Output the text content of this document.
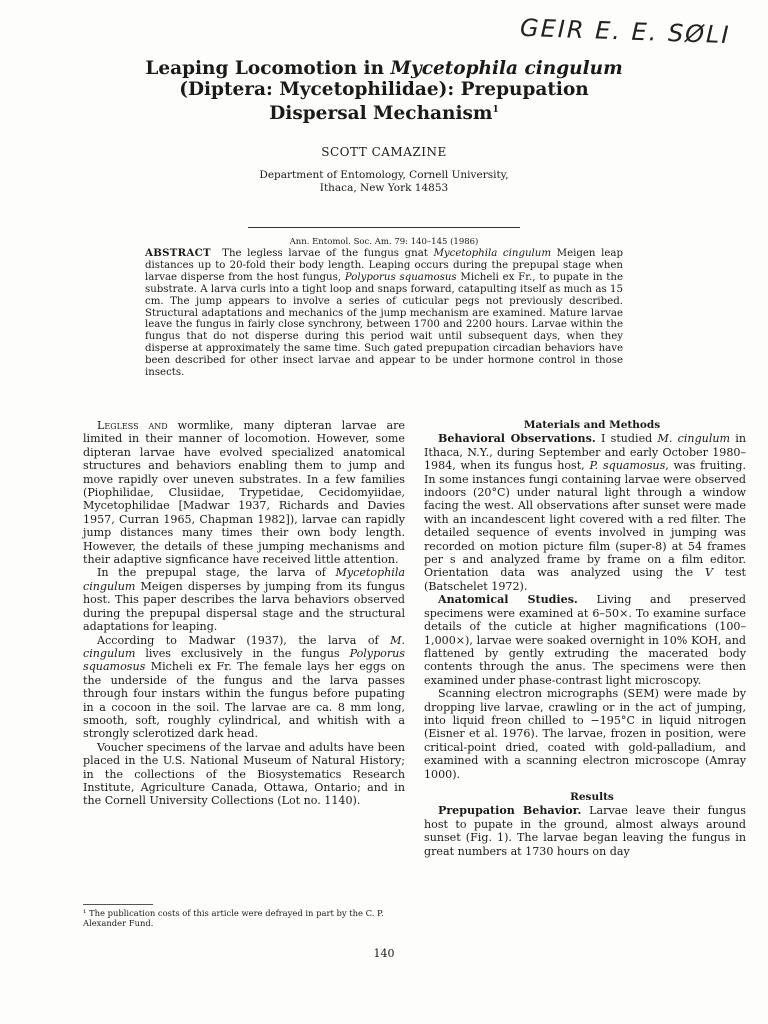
GEIR E. E. SØLI
Leaping Locomotion in Mycetophila cingulum
(Diptera: Mycetophilidae): Prepupation
Dispersal Mechanism$^1$
SCOTT CAMAZINE
Department of Entomology, Cornell University,
Ithaca, New York 14853
Ann. Entomol. Soc. Am. 79: 140–145 (1986)
ABSTRACT The legless larvae of the fungus gnat Mycetophila cingulum Meigen leap distances up to 20-fold their body length. Leaping occurs during the prepupal stage when larvae disperse from the host fungus, Polyporus squamosus Micheli ex Fr., to pupate in the substrate. A larva curls into a tight loop and snaps forward, catapulting itself as much as 15 cm. The jump appears to involve a series of cuticular pegs not previously described. Structural adaptations and mechanics of the jump mechanism are examined. Mature larvae leave the fungus in fairly close synchrony, between 1700 and 2200 hours. Larvae within the fungus that do not disperse during this period wait until subsequent days, when they disperse at approximately the same time. Such gated prepupation circadian behaviors have been described for other insect larvae and appear to be under hormone control in those insects.

Legless and wormlike, many dipteran larvae are limited in their manner of locomotion. However, some dipteran larvae have evolved specialized anatomical structures and behaviors enabling them to jump and move rapidly over uneven substrates. In a few families (Piophilidae, Clusiidae, Trypetidae, Cecidomyiidae, Mycetophilidae [Madwar 1937, Richards and Davies 1957, Curran 1965, Chapman 1982]), larvae can rapidly jump distances many times their own body length. However, the details of these jumping mechanisms and their adaptive signficance have received little attention.

In the prepupal stage, the larva of Mycetophila cingulum Meigen disperses by jumping from its fungus host. This paper describes the larva behaviors observed during the prepupal dispersal stage and the structural adaptations for leaping.

According to Madwar (1937), the larva of M. cingulum lives exclusively in the fungus Polyporus squamosus Micheli ex Fr. The female lays her eggs on the underside of the fungus and the larva passes through four instars within the fungus before pupating in a cocoon in the soil. The larvae are ca. 8 mm long, smooth, soft, roughly cylindrical, and whitish with a strongly sclerotized dark head.

Voucher specimens of the larvae and adults have been placed in the U.S. National Museum of Natural History; in the collections of the Biosystematics Research Institute, Agriculture Canada, Ottawa, Ontario; and in the Cornell University Collections (Lot no. 1140).

¹ The publication costs of this article were defrayed in part by the C. P. Alexander Fund.

Materials and Methods

Behavioral Observations. I studied M. cingulum in Ithaca, N.Y., during September and early October 1980–1984, when its fungus host, P. squamosus, was fruiting. In some instances fungi containing larvae were observed indoors (20°C) under natural light through a window facing the west. All observations after sunset were made with an incandescent light covered with a red filter. The detailed sequence of events involved in jumping was recorded on motion picture film (super-8) at 54 frames per s and analyzed frame by frame on a film editor. Orientation data was analyzed using the V test (Batschelet 1972).

Anatomical Studies. Living and preserved specimens were examined at 6–50×. To examine surface details of the cuticle at higher magnifications (100–1,000×), larvae were soaked overnight in 10% KOH, and flattened by gently extruding the macerated body contents through the anus. The specimens were then examined under phase-contrast light microscopy.

Scanning electron micrographs (SEM) were made by dropping live larvae, crawling or in the act of jumping, into liquid freon chilled to −195°C in liquid nitrogen (Eisner et al. 1976). The larvae, frozen in position, were critical-point dried, coated with gold-palladium, and examined with a scanning electron microscope (Amray 1000).

Results

Prepupation Behavior. Larvae leave their fungus host to pupate in the ground, almost always around sunset (Fig. 1). The larvae began leaving the fungus in great numbers at 1730 hours on day

140
